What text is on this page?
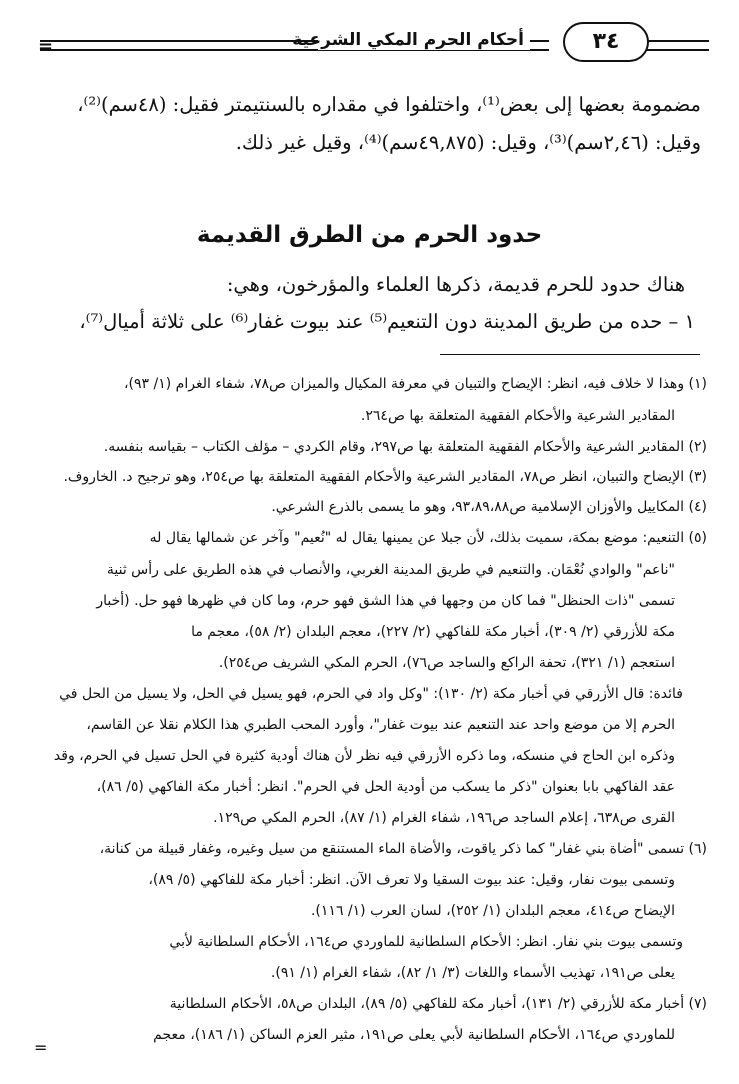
=	أحكام الحرم المكي الشرعية	٣٤
مضمومة بعضها إلى بعض⁽¹⁾، واختلفوا في مقداره بالسنتيمتر فقيل: (٤٨سم)⁽²⁾،
وقيل: (٢,٤٦سم)⁽³⁾، وقيل: (٤٩,٨٧٥سم)⁽⁴⁾، وقيل غير ذلك.
حدود الحرم من الطرق القديمة
هناك حدود للحرم قديمة، ذكرها العلماء والمؤرخون، وهي:
١ – حده من طريق المدينة دون التنعيم⁽⁵⁾ عند بيوت غفار⁽⁶⁾ على ثلاثة أميال⁽⁷⁾،
(١) وهذا لا خلاف فيه، انظر: الإيضاح والتبيان في معرفة المكيال والميزان ص٧٨، شفاء الغرام (١/ ٩٣)،
المقادير الشرعية والأحكام الفقهية المتعلقة بها ص٢٦٤.
(٢) المقادير الشرعية والأحكام الفقهية المتعلقة بها ص٢٩٧، وقام الكردي – مؤلف الكتاب – بقياسه بنفسه.
(٣) الإيضاح والتبيان، انظر ص٧٨، المقادير الشرعية والأحكام الفقهية المتعلقة بها ص٢٥٤، وهو ترجيح د. الخاروف.
(٤) المكاييل والأوزان الإسلامية ص٩٣،٨٩،٨٨، وهو ما يسمى بالذرع الشرعي.
(٥) التنعيم: موضع بمكة، سميت بذلك، لأن جبلا عن يمينها يقال له "نُعيم" وآخر عن شمالها يقال له
"ناعم" والوادي نُعْمَان. والتنعيم في طريق المدينة الغربي، والأنصاب في هذه الطريق على رأس ثنية
تسمى "ذات الحنظل" فما كان من وجهها في هذا الشق فهو حرم، وما كان في ظهرها فهو حل. (أخبار
مكة للأزرقي (٢/ ٣٠٩)، أخبار مكة للفاكهي (٢/ ٢٢٧)، معجم البلدان (٢/ ٥٨)، معجم ما
استعجم (١/ ٣٢١)، تحفة الراكع والساجد ص٧٦)، الحرم المكي الشريف ص٢٥٤).
فائدة: قال الأزرقي في أخبار مكة (٢/ ١٣٠): "وكل واد في الحرم، فهو يسيل في الحل، ولا يسيل من الحل في
الحرم إلا من موضع واحد عند التنعيم عند بيوت غفار"، وأورد المحب الطبري هذا الكلام نقلا عن القاسم،
وذكره ابن الحاج في منسكه، وما ذكره الأزرقي فيه نظر لأن هناك أودية كثيرة في الحل تسيل في الحرم، وقد
عقد الفاكهي بابا بعنوان "ذكر ما يسكب من أودية الحل في الحرم". انظر: أخبار مكة الفاكهي (٥/ ٨٦)،
القرى ص٦٣٨، إعلام الساجد ص١٩٦، شفاء الغرام (١/ ٨٧)، الحرم المكي ص١٢٩.
(٦) تسمى "أضاة بني غفار" كما ذكر ياقوت، والأضاة الماء المستنقع من سيل وغيره، وغفار قبيلة من كنانة،
وتسمى بيوت نفار، وقيل: عند بيوت السقيا ولا تعرف الآن. انظر: أخبار مكة للفاكهي (٥/ ٨٩)،
الإيضاح ص٤١٤، معجم البلدان (١/ ٢٥٢)، لسان العرب (١/ ١١٦).
وتسمى بيوت بني نفار. انظر: الأحكام السلطانية للماوردي ص١٦٤، الأحكام السلطانية لأبي
يعلى ص١٩١، تهذيب الأسماء واللغات (٣/ ١/ ٨٢)، شفاء الغرام (١/ ٩١).
(٧) أخبار مكة للأزرقي (٢/ ١٣١)، أخبار مكة للفاكهي (٥/ ٨٩)، البلدان ص٥٨، الأحكام السلطانية
للماوردي ص١٦٤، الأحكام السلطانية لأبي يعلى ص١٩١، مثير العزم الساكن (١/ ١٨٦)، معجم
=
